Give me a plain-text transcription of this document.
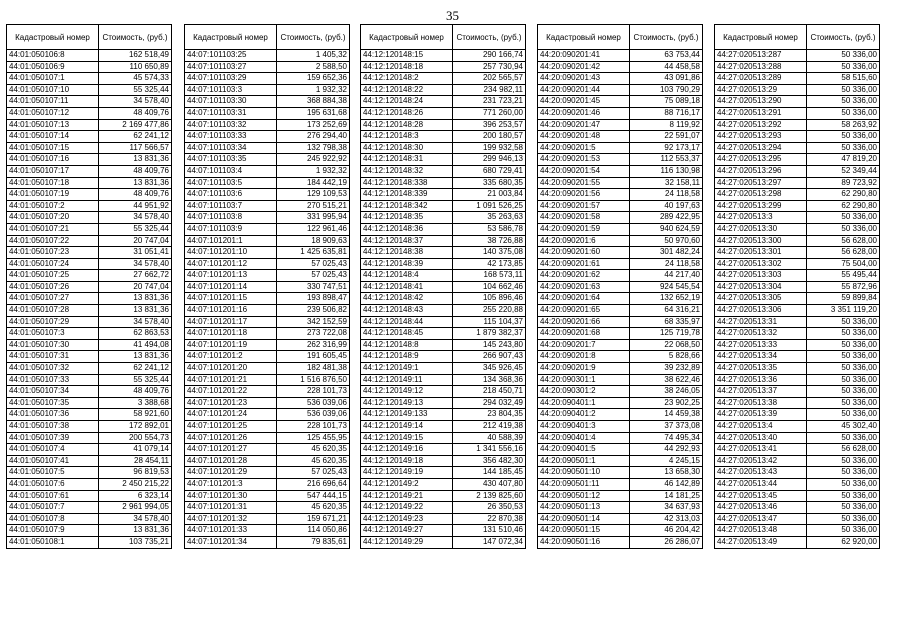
35
Кадастровый номер	Стоимость, (руб.)
44:01:050106:8	162 518,49
44:01:050106:9	110 650,89
44:01:050107:1	45 574,33
44:01:050107:10	55 325,44
44:01:050107:11	34 578,40
44:01:050107:12	48 409,76
44:01:050107:13	2 169 477,86
44:01:050107:14	62 241,12
44:01:050107:15	117 566,57
44:01:050107:16	13 831,36
44:01:050107:17	48 409,76
44:01:050107:18	13 831,36
44:01:050107:19	48 409,76
44:01:050107:2	44 951,92
44:01:050107:20	34 578,40
44:01:050107:21	55 325,44
44:01:050107:22	20 747,04
44:01:050107:23	31 051,41
44:01:050107:24	34 578,40
44:01:050107:25	27 662,72
44:01:050107:26	20 747,04
44:01:050107:27	13 831,36
44:01:050107:28	13 831,36
44:01:050107:29	34 578,40
44:01:050107:3	62 863,53
44:01:050107:30	41 494,08
44:01:050107:31	13 831,36
44:01:050107:32	62 241,12
44:01:050107:33	55 325,44
44:01:050107:34	48 409,76
44:01:050107:35	3 388,68
44:01:050107:36	58 921,60
44:01:050107:38	172 892,01
44:01:050107:39	200 554,73
44:01:050107:4	41 079,14
44:01:050107:41	28 454,11
44:01:050107:5	96 819,53
44:01:050107:6	2 450 215,22
44:01:050107:61	6 323,14
44:01:050107:7	2 961 994,05
44:01:050107:8	34 578,40
44:01:050107:9	13 831,36
44:01:050108:1	103 735,21
Кадастровый номер	Стоимость, (руб.)
44:07:101103:25	1 405,32
44:07:101103:27	2 588,50
44:07:101103:29	159 652,36
44:07:101103:3	1 932,32
44:07:101103:30	368 884,38
44:07:101103:31	195 631,68
44:07:101103:32	173 252,69
44:07:101103:33	276 294,40
44:07:101103:34	132 798,38
44:07:101103:35	245 922,92
44:07:101103:4	1 932,32
44:07:101103:5	184 442,19
44:07:101103:6	129 109,53
44:07:101103:7	270 515,21
44:07:101103:8	331 995,94
44:07:101103:9	122 961,46
44:07:101201:1	18 909,63
44:07:101201:10	1 425 635,81
44:07:101201:12	57 025,43
44:07:101201:13	57 025,43
44:07:101201:14	330 747,51
44:07:101201:15	193 898,47
44:07:101201:16	239 506,82
44:07:101201:17	342 152,59
44:07:101201:18	273 722,08
44:07:101201:19	262 316,99
44:07:101201:2	191 605,45
44:07:101201:20	182 481,38
44:07:101201:21	1 516 876,50
44:07:101201:22	228 101,73
44:07:101201:23	536 039,06
44:07:101201:24	536 039,06
44:07:101201:25	228 101,73
44:07:101201:26	125 455,95
44:07:101201:27	45 620,35
44:07:101201:28	45 620,35
44:07:101201:29	57 025,43
44:07:101201:3	216 696,64
44:07:101201:30	547 444,15
44:07:101201:31	45 620,35
44:07:101201:32	159 671,21
44:07:101201:33	114 050,86
44:07:101201:34	79 835,61
Кадастровый номер	Стоимость, (руб.)
44:12:120148:15	290 166,74
44:12:120148:18	257 730,94
44:12:120148:2	202 565,57
44:12:120148:22	234 982,11
44:12:120148:24	231 723,21
44:12:120148:26	771 260,00
44:12:120148:28	396 253,57
44:12:120148:3	200 180,57
44:12:120148:30	199 932,58
44:12:120148:31	299 946,13
44:12:120148:32	680 729,41
44:12:120148:338	335 680,35
44:12:120148:339	21 003,84
44:12:120148:342	1 091 526,25
44:12:120148:35	35 263,63
44:12:120148:36	53 586,78
44:12:120148:37	38 726,88
44:12:120148:38	140 375,08
44:12:120148:39	42 173,85
44:12:120148:4	168 573,11
44:12:120148:41	104 662,46
44:12:120148:42	105 896,46
44:12:120148:43	255 220,88
44:12:120148:44	115 104,37
44:12:120148:45	1 879 382,37
44:12:120148:8	145 243,80
44:12:120148:9	266 907,43
44:12:120149:1	345 926,45
44:12:120149:11	134 368,36
44:12:120149:12	218 450,71
44:12:120149:13	294 032,49
44:12:120149:133	23 804,35
44:12:120149:14	212 419,38
44:12:120149:15	40 588,39
44:12:120149:16	1 341 556,16
44:12:120149:18	356 482,30
44:12:120149:19	144 185,45
44:12:120149:2	430 407,80
44:12:120149:21	2 139 825,60
44:12:120149:22	26 350,53
44:12:120149:23	22 870,38
44:12:120149:27	131 510,46
44:12:120149:29	147 072,34
Кадастровый номер	Стоимость, (руб.)
44:20:090201:41	63 753,44
44:20:090201:42	44 458,58
44:20:090201:43	43 091,86
44:20:090201:44	103 790,29
44:20:090201:45	75 089,18
44:20:090201:46	88 716,17
44:20:090201:47	8 119,92
44:20:090201:48	22 591,07
44:20:090201:5	92 173,17
44:20:090201:53	112 553,37
44:20:090201:54	116 130,98
44:20:090201:55	32 158,11
44:20:090201:56	24 118,58
44:20:090201:57	40 197,63
44:20:090201:58	289 422,95
44:20:090201:59	940 624,59
44:20:090201:6	50 970,60
44:20:090201:60	301 482,24
44:20:090201:61	24 118,58
44:20:090201:62	44 217,40
44:20:090201:63	924 545,54
44:20:090201:64	132 652,19
44:20:090201:65	64 316,21
44:20:090201:66	68 335,97
44:20:090201:68	125 719,78
44:20:090201:7	22 068,50
44:20:090201:8	5 828,66
44:20:090201:9	39 232,89
44:20:090301:1	38 622,46
44:20:090301:2	38 246,05
44:20:090401:1	23 902,25
44:20:090401:2	14 459,38
44:20:090401:3	37 373,08
44:20:090401:4	74 495,34
44:20:090401:5	44 292,93
44:20:090501:1	4 245,15
44:20:090501:10	13 658,30
44:20:090501:11	46 142,89
44:20:090501:12	14 181,25
44:20:090501:13	34 637,93
44:20:090501:14	42 313,03
44:20:090501:15	46 204,42
44:20:090501:16	26 286,07
Кадастровый номер	Стоимость, (руб.)
44:27:020513:287	50 336,00
44:27:020513:288	50 336,00
44:27:020513:289	58 515,60
44:27:020513:29	50 336,00
44:27:020513:290	50 336,00
44:27:020513:291	50 336,00
44:27:020513:292	58 263,92
44:27:020513:293	50 336,00
44:27:020513:294	50 336,00
44:27:020513:295	47 819,20
44:27:020513:296	52 349,44
44:27:020513:297	89 723,92
44:27:020513:298	62 290,80
44:27:020513:299	62 290,80
44:27:020513:3	50 336,00
44:27:020513:30	50 336,00
44:27:020513:300	56 628,00
44:27:020513:301	56 628,00
44:27:020513:302	75 504,00
44:27:020513:303	55 495,44
44:27:020513:304	55 872,96
44:27:020513:305	59 899,84
44:27:020513:306	3 351 119,20
44:27:020513:31	50 336,00
44:27:020513:32	50 336,00
44:27:020513:33	50 336,00
44:27:020513:34	50 336,00
44:27:020513:35	50 336,00
44:27:020513:36	50 336,00
44:27:020513:37	50 336,00
44:27:020513:38	50 336,00
44:27:020513:39	50 336,00
44:27:020513:4	45 302,40
44:27:020513:40	50 336,00
44:27:020513:41	56 628,00
44:27:020513:42	50 336,00
44:27:020513:43	50 336,00
44:27:020513:44	50 336,00
44:27:020513:45	50 336,00
44:27:020513:46	50 336,00
44:27:020513:47	50 336,00
44:27:020513:48	50 336,00
44:27:020513:49	62 920,00
